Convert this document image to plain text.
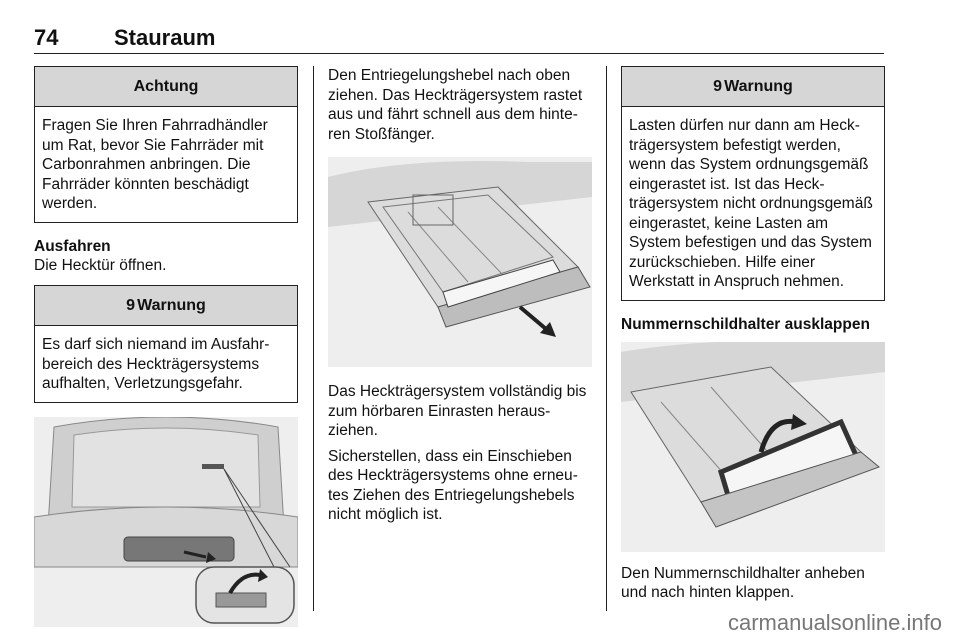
74	Stauraum
Achtung
Fragen Sie Ihren Fahrradhändler um Rat, bevor Sie Fahrräder mit Carbonrahmen anbringen. Die Fahrräder könnten beschädigt werden.
Ausfahren
Die Hecktür öffnen.
9 Warnung
Es darf sich niemand im Ausfahrbereich des Heckträgersystems aufhalten, Verletzungsgefahr.
Den Entriegelungshebel nach oben ziehen. Das Heckträgersystem rastet aus und fährt schnell aus dem hinteren Stoßfänger.
Das Heckträgersystem vollständig bis zum hörbaren Einrasten herausziehen.
Sicherstellen, dass ein Einschieben des Heckträgersystems ohne erneutes Ziehen des Entriegelungshebels nicht möglich ist.
9 Warnung
Lasten dürfen nur dann am Heckträgersystem befestigt werden, wenn das System ordnungsgemäß eingerastet ist. Ist das Heckträgersystem nicht ordnungsgemäß eingerastet, keine Lasten am System befestigen und das System zurückschieben. Hilfe einer Werkstatt in Anspruch nehmen.
Nummernschildhalter ausklappen
Den Nummernschildhalter anheben und nach hinten klappen.
carmanualsonline.info
